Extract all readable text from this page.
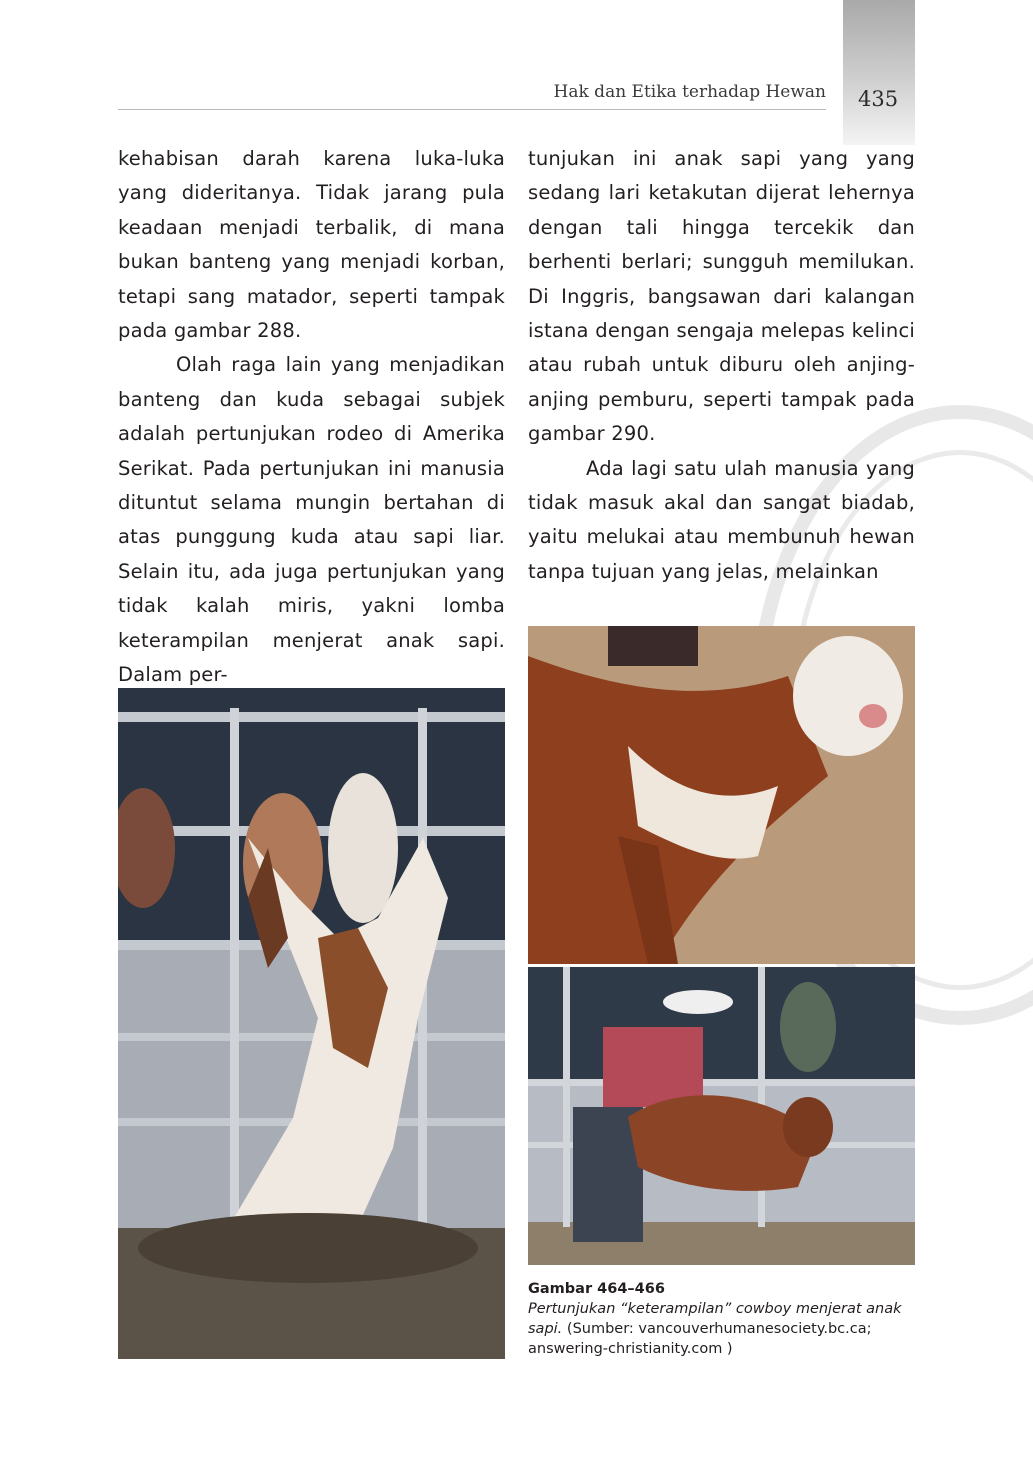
Hak dan Etika terhadap Hewan 435

kehabisan darah karena luka-luka yang dideritanya. Tidak jarang pula keadaan menjadi terbalik, di mana bukan banteng yang menjadi korban, tetapi sang matador, seperti tampak pada gambar 288.

Olah raga lain yang menjadikan banteng dan kuda sebagai subjek adalah pertunjukan rodeo di Amerika Serikat. Pada pertunjukan ini manusia dituntut selama mungin bertahan di atas punggung kuda atau sapi liar. Selain itu, ada juga pertunjukan yang tidak kalah miris, yakni lomba keterampilan menjerat anak sapi. Dalam per-

tunjukan ini anak sapi yang yang sedang lari ketakutan dijerat lehernya dengan tali hingga tercekik dan berhenti berlari; sungguh memilukan. Di Inggris, bangsawan dari kalangan istana dengan sengaja melepas kelinci atau rubah untuk diburu oleh anjing-anjing pemburu, seperti tampak pada gambar 290.

Ada lagi satu ulah manusia yang tidak masuk akal dan sangat biadab, yaitu melukai atau membunuh hewan tanpa tujuan yang jelas, melainkan

Gambar 464–466
Pertunjukan “keterampilan” cowboy menjerat anak sapi. (Sumber: vancouverhumanesociety.bc.ca; answering-christianity.com )
